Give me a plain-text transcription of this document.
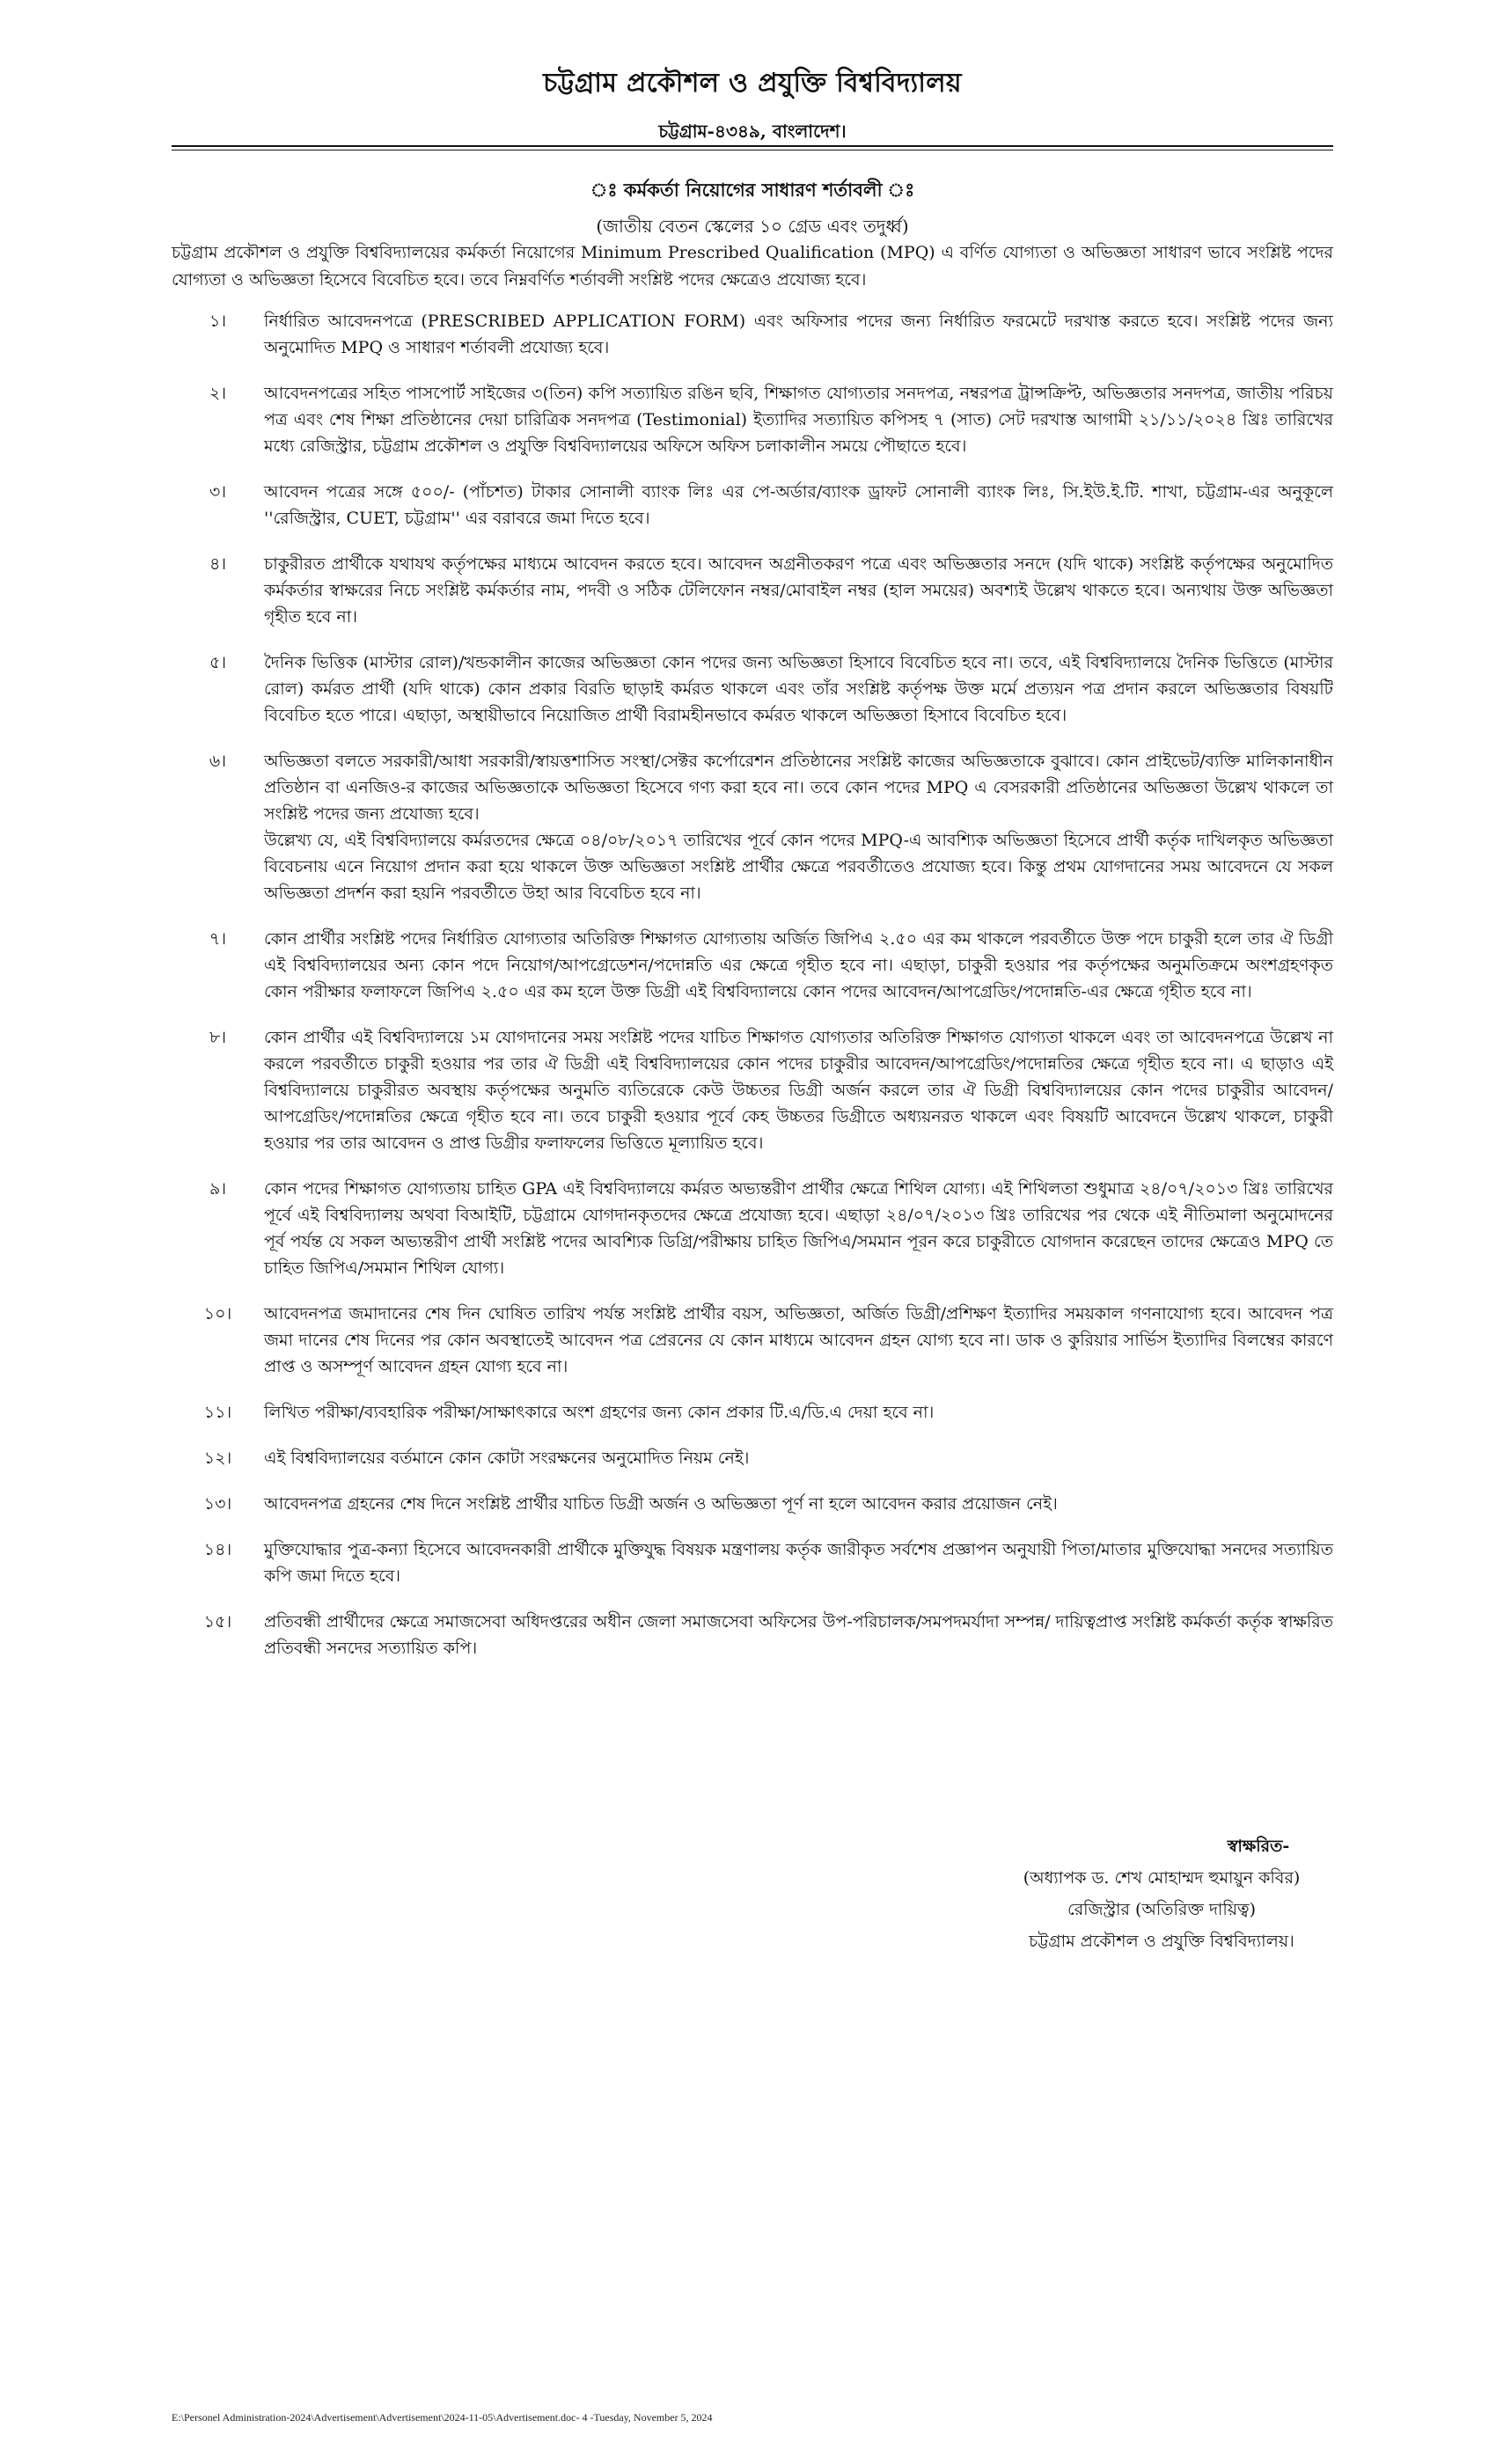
চট্টগ্রাম প্রকৌশল ও প্রযুক্তি বিশ্ববিদ্যালয়
চট্টগ্রাম-৪৩৪৯, বাংলাদেশ।
ঃ কর্মকর্তা নিয়োগের সাধারণ শর্তাবলী ঃ
(জাতীয় বেতন স্কেলের ১০ গ্রেড এবং তদুর্ধ্ব)

চট্টগ্রাম প্রকৌশল ও প্রযুক্তি বিশ্ববিদ্যালয়ের কর্মকর্তা নিয়োগের Minimum Prescribed Qualification (MPQ) এ বর্ণিত যোগ্যতা ও অভিজ্ঞতা সাধারণ ভাবে সংশ্লিষ্ট পদের যোগ্যতা ও অভিজ্ঞতা হিসেবে বিবেচিত হবে। তবে নিম্নবর্ণিত শর্তাবলী সংশ্লিষ্ট পদের ক্ষেত্রেও প্রযোজ্য হবে।

১।	নির্ধারিত আবেদনপত্রে (PRESCRIBED APPLICATION FORM) এবং অফিসার পদের জন্য নির্ধারিত ফরমেটে দরখাস্ত করতে হবে। সংশ্লিষ্ট পদের জন্য অনুমোদিত MPQ ও সাধারণ শর্তাবলী প্রযোজ্য হবে।

২।	আবেদনপত্রের সহিত পাসপোর্ট সাইজের ৩(তিন) কপি সত্যায়িত রঙিন ছবি, শিক্ষাগত যোগ্যতার সনদপত্র, নম্বরপত্র ট্রান্সক্রিপ্ট, অভিজ্ঞতার সনদপত্র, জাতীয় পরিচয় পত্র এবং শেষ শিক্ষা প্রতিষ্ঠানের দেয়া চারিত্রিক সনদপত্র (Testimonial) ইত্যাদির সত্যায়িত কপিসহ ৭ (সাত) সেট দরখাস্ত আগামী ২১/১১/২০২৪ খ্রিঃ তারিখের মধ্যে রেজিস্ট্রার, চট্টগ্রাম প্রকৌশল ও প্রযুক্তি বিশ্ববিদ্যালয়ের অফিসে অফিস চলাকালীন সময়ে পৌছাতে হবে।

৩।	আবেদন পত্রের সঙ্গে ৫০০/- (পাঁচশত) টাকার সোনালী ব্যাংক লিঃ এর পে-অর্ডার/ব্যাংক ড্রাফট সোনালী ব্যাংক লিঃ, সি.ইউ.ই.টি. শাখা, চট্টগ্রাম-এর অনুকূলে ''রেজিস্ট্রার, CUET, চট্টগ্রাম'' এর বরাবরে জমা দিতে হবে।

৪।	চাকুরীরত প্রার্থীকে যথাযথ কর্তৃপক্ষের মাধ্যমে আবেদন করতে হবে। আবেদন অগ্রনীতকরণ পত্রে এবং অভিজ্ঞতার সনদে (যদি থাকে) সংশ্লিষ্ট কর্তৃপক্ষের অনুমোদিত কর্মকর্তার স্বাক্ষরের নিচে সংশ্লিষ্ট কর্মকর্তার নাম, পদবী ও সঠিক টেলিফোন নম্বর/মোবাইল নম্বর (হাল সময়ের) অবশ্যই উল্লেখ থাকতে হবে। অন্যথায় উক্ত অভিজ্ঞতা গৃহীত হবে না।

৫।	দৈনিক ভিত্তিক (মাস্টার রোল)/খন্ডকালীন কাজের অভিজ্ঞতা কোন পদের জন্য অভিজ্ঞতা হিসাবে বিবেচিত হবে না। তবে, এই বিশ্ববিদ্যালয়ে দৈনিক ভিত্তিতে (মাস্টার রোল) কর্মরত প্রার্থী (যদি থাকে) কোন প্রকার বিরতি ছাড়াই কর্মরত থাকলে এবং তাঁর সংশ্লিষ্ট কর্তৃপক্ষ উক্ত মর্মে প্রত্যয়ন পত্র প্রদান করলে অভিজ্ঞতার বিষয়টি বিবেচিত হতে পারে। এছাড়া, অস্থায়ীভাবে নিয়োজিত প্রার্থী বিরামহীনভাবে কর্মরত থাকলে অভিজ্ঞতা হিসাবে বিবেচিত হবে।

৬।	অভিজ্ঞতা বলতে সরকারী/আধা সরকারী/স্বায়ত্তশাসিত সংস্থা/সেক্টর কর্পোরেশন প্রতিষ্ঠানের সংশ্লিষ্ট কাজের অভিজ্ঞতাকে বুঝাবে। কোন প্রাইভেট/ব্যক্তি মালিকানাধীন প্রতিষ্ঠান বা এনজিও-র কাজের অভিজ্ঞতাকে অভিজ্ঞতা হিসেবে গণ্য করা হবে না। তবে কোন পদের MPQ এ বেসরকারী প্রতিষ্ঠানের অভিজ্ঞতা উল্লেখ থাকলে তা সংশ্লিষ্ট পদের জন্য প্রযোজ্য হবে।

উল্লেখ্য যে, এই বিশ্ববিদ্যালয়ে কর্মরতদের ক্ষেত্রে ০৪/০৮/২০১৭ তারিখের পূর্বে কোন পদের MPQ-এ আবশ্যিক অভিজ্ঞতা হিসেবে প্রার্থী কর্তৃক দাখিলকৃত অভিজ্ঞতা বিবেচনায় এনে নিয়োগ প্রদান করা হয়ে থাকলে উক্ত অভিজ্ঞতা সংশ্লিষ্ট প্রার্থীর ক্ষেত্রে পরবর্তীতেও প্রযোজ্য হবে। কিন্তু প্রথম যোগদানের সময় আবেদনে যে সকল অভিজ্ঞতা প্রদর্শন করা হয়নি পরবর্তীতে উহা আর বিবেচিত হবে না।

৭।	কোন প্রার্থীর সংশ্লিষ্ট পদের নির্ধারিত যোগ্যতার অতিরিক্ত শিক্ষাগত যোগ্যতায় অর্জিত জিপিএ ২.৫০ এর কম থাকলে পরবর্তীতে উক্ত পদে চাকুরী হলে তার ঐ ডিগ্রী এই বিশ্ববিদ্যালয়ের অন্য কোন পদে নিয়োগ/আপগ্রেডেশন/পদোন্নতি এর ক্ষেত্রে গৃহীত হবে না। এছাড়া, চাকুরী হওয়ার পর কর্তৃপক্ষের অনুমতিক্রমে অংশগ্রহণকৃত কোন পরীক্ষার ফলাফলে জিপিএ ২.৫০ এর কম হলে উক্ত ডিগ্রী এই বিশ্ববিদ্যালয়ে কোন পদের আবেদন/আপগ্রেডিং/পদোন্নতি-এর ক্ষেত্রে গৃহীত হবে না।

৮।	কোন প্রার্থীর এই বিশ্ববিদ্যালয়ে ১ম যোগদানের সময় সংশ্লিষ্ট পদের যাচিত শিক্ষাগত যোগ্যতার অতিরিক্ত শিক্ষাগত যোগ্যতা থাকলে এবং তা আবেদনপত্রে উল্লেখ না করলে পরবর্তীতে চাকুরী হওয়ার পর তার ঐ ডিগ্রী এই বিশ্ববিদ্যালয়ের কোন পদের চাকুরীর আবেদন/আপগ্রেডিং/পদোন্নতির ক্ষেত্রে গৃহীত হবে না। এ ছাড়াও এই বিশ্ববিদ্যালয়ে চাকুরীরত অবস্থায় কর্তৃপক্ষের অনুমতি ব্যতিরেকে কেউ উচ্চতর ডিগ্রী অর্জন করলে তার ঐ ডিগ্রী বিশ্ববিদ্যালয়ের কোন পদের চাকুরীর আবেদন/আপগ্রেডিং/পদোন্নতির ক্ষেত্রে গৃহীত হবে না। তবে চাকুরী হওয়ার পূর্বে কেহ উচ্চতর ডিগ্রীতে অধ্যয়নরত থাকলে এবং বিষয়টি আবেদনে উল্লেখ থাকলে, চাকুরী হওয়ার পর তার আবেদন ও প্রাপ্ত ডিগ্রীর ফলাফলের ভিত্তিতে মূল্যায়িত হবে।

৯।	কোন পদের শিক্ষাগত যোগ্যতায় চাহিত GPA এই বিশ্ববিদ্যালয়ে কর্মরত অভ্যন্তরীণ প্রার্থীর ক্ষেত্রে শিথিল যোগ্য। এই শিথিলতা শুধুমাত্র ২৪/০৭/২০১৩ খ্রিঃ তারিখের পূর্বে এই বিশ্ববিদ্যালয় অথবা বিআইটি, চট্টগ্রামে যোগদানকৃতদের ক্ষেত্রে প্রযোজ্য হবে। এছাড়া ২৪/০৭/২০১৩ খ্রিঃ তারিখের পর থেকে এই নীতিমালা অনুমোদনের পূর্ব পর্যন্ত যে সকল অভ্যন্তরীণ প্রার্থী সংশ্লিষ্ট পদের আবশ্যিক ডিগ্রি/পরীক্ষায় চাহিত জিপিএ/সমমান পূরন করে চাকুরীতে যোগদান করেছেন তাদের ক্ষেত্রেও MPQ তে চাহিত জিপিএ/সমমান শিথিল যোগ্য।

১০।	আবেদনপত্র জমাদানের শেষ দিন ঘোষিত তারিখ পর্যন্ত সংশ্লিষ্ট প্রার্থীর বয়স, অভিজ্ঞতা, অর্জিত ডিগ্রী/প্রশিক্ষণ ইত্যাদির সময়কাল গণনাযোগ্য হবে। আবেদন পত্র জমা দানের শেষ দিনের পর কোন অবস্থাতেই আবেদন পত্র প্রেরনের যে কোন মাধ্যমে আবেদন গ্রহন যোগ্য হবে না। ডাক ও কুরিয়ার সার্ভিস ইত্যাদির বিলম্বের কারণে প্রাপ্ত ও অসম্পূর্ণ আবেদন গ্রহন যোগ্য হবে না।

১১।	লিখিত পরীক্ষা/ব্যবহারিক পরীক্ষা/সাক্ষাৎকারে অংশ গ্রহণের জন্য কোন প্রকার টি.এ/ডি.এ দেয়া হবে না।

১২।	এই বিশ্ববিদ্যালয়ের বর্তমানে কোন কোটা সংরক্ষনের অনুমোদিত নিয়ম নেই।

১৩।	আবেদনপত্র গ্রহনের শেষ দিনে সংশ্লিষ্ট প্রার্থীর যাচিত ডিগ্রী অর্জন ও অভিজ্ঞতা পূর্ণ না হলে আবেদন করার প্রয়োজন নেই।

১৪।	মুক্তিযোদ্ধার পুত্র-কন্যা হিসেবে আবেদনকারী প্রার্থীকে মুক্তিযুদ্ধ বিষয়ক মন্ত্রণালয় কর্তৃক জারীকৃত সর্বশেষ প্রজ্ঞাপন অনুযায়ী পিতা/মাতার মুক্তিযোদ্ধা সনদের সত্যায়িত কপি জমা দিতে হবে।

১৫।	প্রতিবন্ধী প্রার্থীদের ক্ষেত্রে সমাজসেবা অধিদপ্তরের অধীন জেলা সমাজসেবা অফিসের উপ-পরিচালক/সমপদমর্যাদা সম্পন্ন/ দায়িত্বপ্রাপ্ত সংশ্লিষ্ট কর্মকর্তা কর্তৃক স্বাক্ষরিত প্রতিবন্ধী সনদের সত্যায়িত কপি।

স্বাক্ষরিত-
(অধ্যাপক ড. শেখ মোহাম্মদ হুমায়ুন কবির)
রেজিস্ট্রার (অতিরিক্ত দায়িত্ব)
চট্টগ্রাম প্রকৌশল ও প্রযুক্তি বিশ্ববিদ্যালয়।
E:\Personel Administration-2024\Advertisement\Advertisement\2024-11-05\Advertisement.doc- 4 -Tuesday, November 5, 2024
